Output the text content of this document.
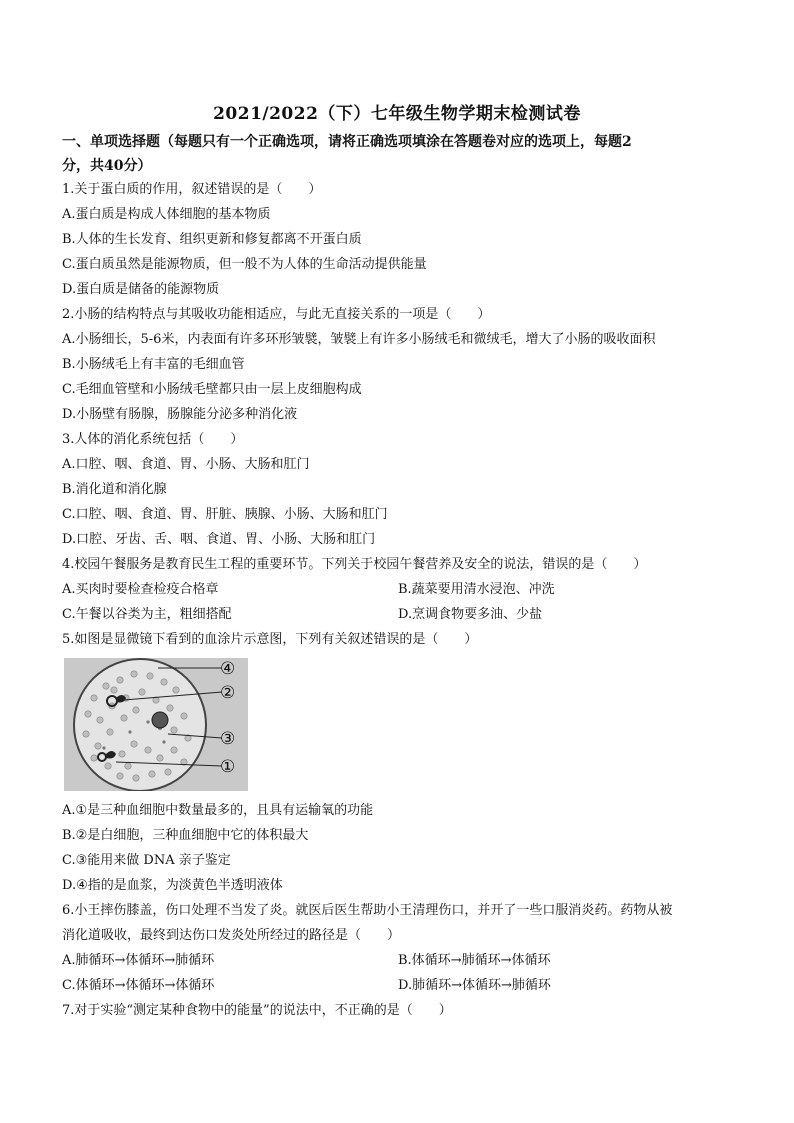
2021/2022（下）七年级生物学期末检测试卷
一、单项选择题（每题只有一个正确选项，请将正确选项填涂在答题卷对应的选项上，每题2
分，共40分）
1.关于蛋白质的作用，叙述错误的是（　　）
A.蛋白质是构成人体细胞的基本物质
B.人体的生长发育、组织更新和修复都离不开蛋白质
C.蛋白质虽然是能源物质，但一般不为人体的生命活动提供能量
D.蛋白质是储备的能源物质
2.小肠的结构特点与其吸收功能相适应，与此无直接关系的一项是（　　）
A.小肠细长，5-6米，内表面有许多环形皱襞，皱襞上有许多小肠绒毛和微绒毛，增大了小肠的吸收面积
B.小肠绒毛上有丰富的毛细血管
C.毛细血管壁和小肠绒毛壁都只由一层上皮细胞构成
D.小肠壁有肠腺，肠腺能分泌多种消化液
3.人体的消化系统包括（　　）
A.口腔、咽、食道、胃、小肠、大肠和肛门
B.消化道和消化腺
C.口腔、咽、食道、胃、肝脏、胰腺、小肠、大肠和肛门
D.口腔、牙齿、舌、咽、食道、胃、小肠、大肠和肛门
4.校园午餐服务是教育民生工程的重要环节。下列关于校园午餐营养及安全的说法，错误的是（　　）
A.买肉时要检查检疫合格章	B.蔬菜要用清水浸泡、冲洗
C.午餐以谷类为主，粗细搭配	D.烹调食物要多油、少盐
5.如图是显微镜下看到的血涂片示意图，下列有关叙述错误的是（　　）
④
②
③
①
A.①是三种血细胞中数量最多的，且具有运输氧的功能
B.②是白细胞，三种血细胞中它的体积最大
C.③能用来做 DNA 亲子鉴定
D.④指的是血浆，为淡黄色半透明液体
6.小王摔伤膝盖，伤口处理不当发了炎。就医后医生帮助小王清理伤口，并开了一些口服消炎药。药物从被
消化道吸收，最终到达伤口发炎处所经过的路径是（　　）
A.肺循环→体循环→肺循环	B.体循环→肺循环→体循环
C.体循环→体循环→体循环	D.肺循环→体循环→肺循环
7.对于实验“测定某种食物中的能量”的说法中，不正确的是（　　）
